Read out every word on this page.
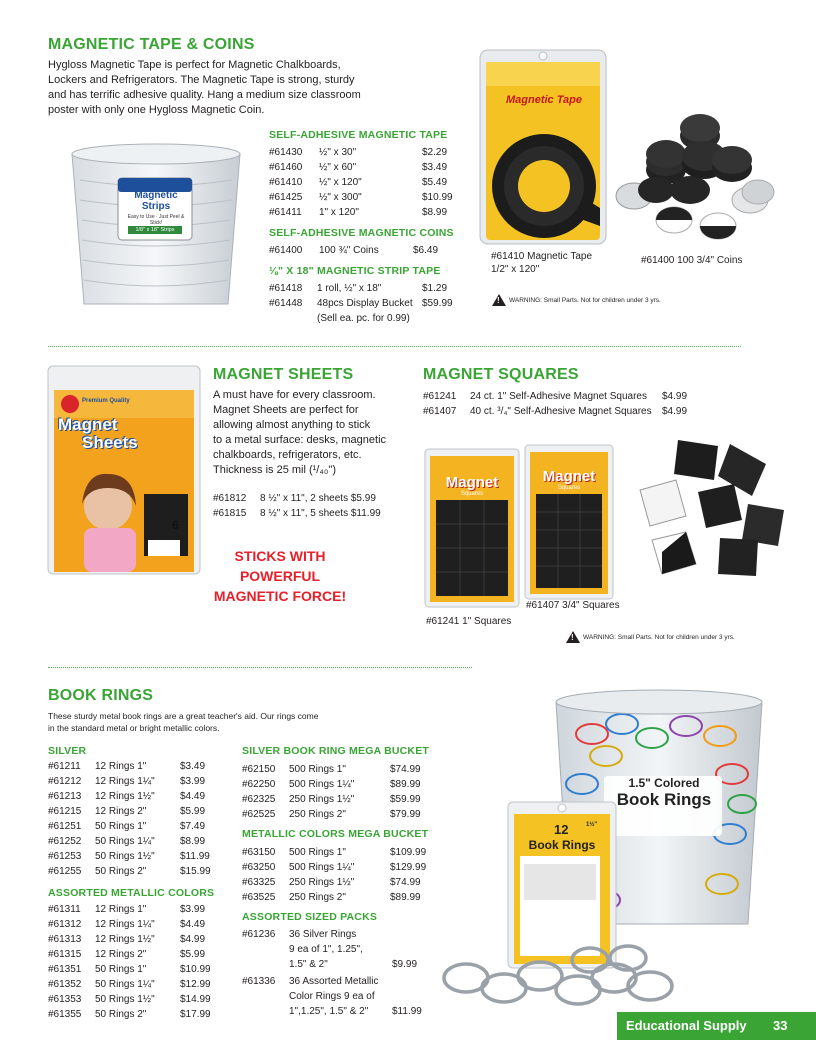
MAGNETIC TAPE & COINS
Hygloss Magnetic Tape is perfect for Magnetic Chalkboards,
Lockers and Refrigerators. The Magnetic Tape is strong, sturdy
and has terrific adhesive quality. Hang a medium size classroom
poster with only one Hygloss Magnetic Coin.
Magnetic
Strips
Easy to Use · Just Peel & Stick!
1/8" x 18" Strips
SELF-ADHESIVE MAGNETIC TAPE
#61430 ½" x 30"	$2.29
#61460 ½" x 60"	$3.49
#61410 ½" x 120"	$5.49
#61425 ½" x 300"	$10.99
#61411 1" x 120"	$8.99
SELF-ADHESIVE MAGNETIC COINS
#61400 100 ¾" Coins	$6.49
⅛" X 18" MAGNETIC STRIP TAPE
#61418 1 roll, ½" x 18"	$1.29
#61448 48pcs Display Bucket $59.99
(Sell ea. pc. for 0.99)
Magnetic Tape
#61410 Magnetic Tape
1/2" x 120"
#61400 100 3/4" Coins
!
WARNING: Small Parts. Not for children under 3 yrs.
Magnet
Sheets
Premium Quality
6
MAGNET SHEETS
A must have for every classroom.
Magnet Sheets are perfect for
allowing almost anything to stick
to a metal surface: desks, magnetic
chalkboards, refrigerators, etc.
Thickness is 25 mil (¹/₄₀")
#61812 8 ½" x 11", 2 sheets $5.99
#61815 8 ½" x 11", 5 sheets $11.99
STICKS WITH
POWERFUL
MAGNETIC FORCE!
MAGNET SQUARES
#61241 24 ct. 1" Self-Adhesive Magnet Squares $4.99
#61407 40 ct. ³/₄" Self-Adhesive Magnet Squares $4.99
Magnet
Squares
Magnet
Squares
#61407 3/4" Squares
#61241 1" Squares
!
WARNING: Small Parts. Not for children under 3 yrs.
BOOK RINGS
These sturdy metal book rings are a great teacher's aid. Our rings come
in the standard metal or bright metallic colors.
SILVER
#61211 12 Rings 1"	$3.49
#61212 12 Rings 1¼"	$3.99
#61213 12 Rings 1½"	$4.49
#61215 12 Rings 2"	$5.99
#61251 50 Rings 1"	$7.49
#61252 50 Rings 1¼"	$8.99
#61253 50 Rings 1½"	$11.99
#61255 50 Rings 2"	$15.99
ASSORTED METALLIC COLORS
#61311 12 Rings 1"	$3.99
#61312 12 Rings 1¼"	$4.49
#61313 12 Rings 1½"	$4.99
#61315 12 Rings 2"	$5.99
#61351 50 Rings 1"	$10.99
#61352 50 Rings 1¼"	$12.99
#61353 50 Rings 1½"	$14.99
#61355 50 Rings 2"	$17.99
SILVER BOOK RING MEGA BUCKET
#62150 500 Rings 1"	$74.99
#62250 500 Rings 1¼"	$89.99
#62325 250 Rings 1½"	$59.99
#62525 250 Rings 2"	$79.99
METALLIC COLORS MEGA BUCKET
#63150 500 Rings 1"	$109.99
#63250 500 Rings 1¼"	$129.99
#63325 250 Rings 1½"	$74.99
#63525 250 Rings 2"	$89.99
ASSORTED SIZED PACKS
#61236 36 Silver Rings
9 ea of 1", 1.25",
1.5" & 2"	$9.99
#61336 36 Assorted Metallic
Color Rings 9 ea of
1",1.25", 1.5" & 2" $11.99
1.5" Colored
Book Rings
12	1½"
Book Rings
Educational Supply 33
